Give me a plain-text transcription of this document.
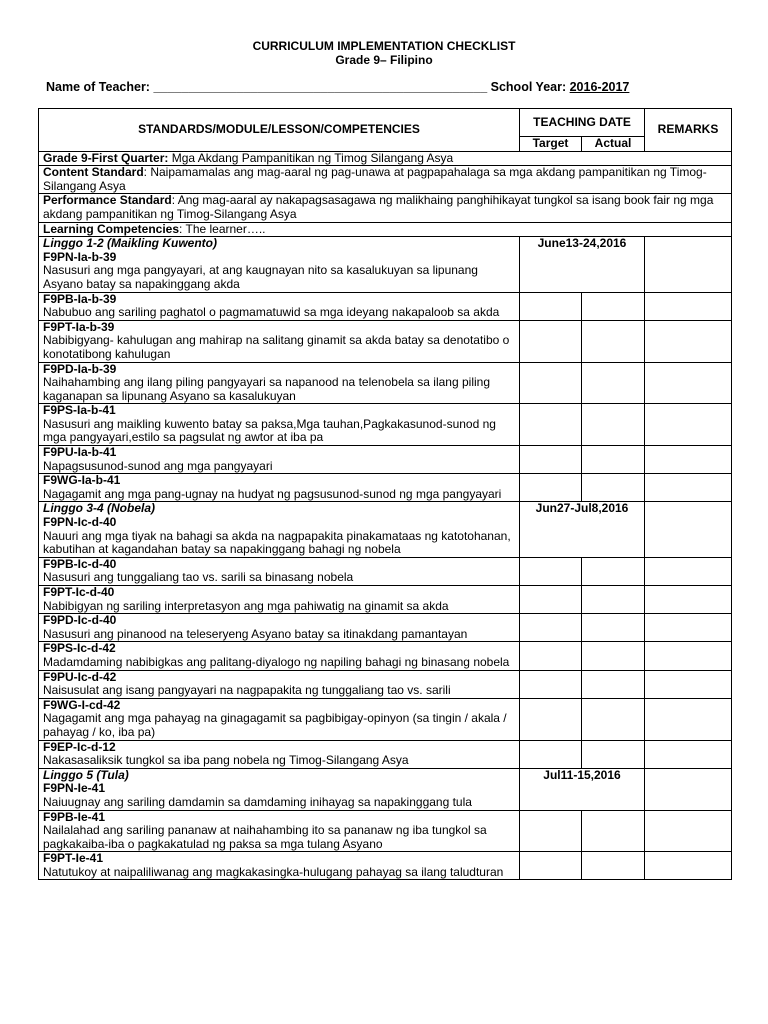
CURRICULUM IMPLEMENTATION CHECKLIST
Grade 9– Filipino
Name of Teacher: ________________________________________________ School Year: 2016-2017
STANDARDS/MODULE/LESSON/COMPETENCIES	TEACHING DATE		REMARKS
	Target	Actual	
Grade 9-First Quarter: Mga Akdang Pampanitikan ng Timog Silangang Asya			
Content Standard: Naipamamalas ang mag-aaral ng pag-unawa at pagpapahalaga sa mga akdang pampanitikan ng Timog-Silangang Asya			
Performance Standard: Ang mag-aaral ay nakapagsasagawa ng malikhaing panghihikayat tungkol sa isang book fair ng mga akdang pampanitikan ng Timog-Silangang Asya			
Learning Competencies: The learner…..			

Linggo 1-2 (Maikling Kuwento)
F9PN-Ia-b-39
Nasusuri ang mga pangyayari, at ang kaugnayan nito sa kasalukuyan sa lipunang Asyano batay sa napakinggang akda	June13-24,2016		

F9PB-Ia-b-39
Nabubuo ang sariling paghatol o pagmamatuwid sa mga ideyang nakapaloob sa akda			

F9PT-Ia-b-39
Nabibigyang- kahulugan ang mahirap na salitang ginamit sa akda batay sa denotatibo o konotatibong kahulugan			

F9PD-Ia-b-39
Naihahambing ang ilang piling pangyayari sa napanood na telenobela sa ilang piling kaganapan sa lipunang Asyano sa kasalukuyan			

F9PS-Ia-b-41
Nasusuri ang maikling kuwento batay sa paksa,Mga tauhan,Pagkakasunod-sunod ng mga pangyayari,estilo sa pagsulat ng awtor at iba pa			

F9PU-Ia-b-41
Napagsusunod-sunod ang mga pangyayari			

F9WG-Ia-b-41
Nagagamit ang mga pang-ugnay na hudyat ng pagsusunod-sunod ng mga pangyayari			

Linggo 3-4 (Nobela)
F9PN-Ic-d-40
Nauuri ang mga tiyak na bahagi sa akda na nagpapakita pinakamataas ng katotohanan, kabutihan at kagandahan batay sa napakinggang bahagi ng nobela	Jun27-Jul8,2016		

F9PB-Ic-d-40
Nasusuri ang tunggaliang tao vs. sarili sa binasang nobela			

F9PT-Ic-d-40
Nabibigyan ng sariling interpretasyon ang mga pahiwatig na ginamit sa akda			

F9PD-Ic-d-40
Nasusuri ang pinanood na teleseryeng Asyano batay sa itinakdang pamantayan			

F9PS-Ic-d-42
Madamdaming nabibigkas ang palitang-diyalogo ng napiling bahagi ng binasang nobela			

F9PU-Ic-d-42
Naisusulat ang isang pangyayari na nagpapakita ng tunggaliang tao vs. sarili			

F9WG-I-cd-42
Nagagamit ang mga pahayag na ginagagamit sa pagbibigay-opinyon (sa tingin / akala / pahayag / ko, iba pa)			

F9EP-Ic-d-12
Nakasasaliksik tungkol sa iba pang nobela ng Timog-Silangang Asya			

Linggo 5 (Tula)
F9PN-Ie-41
Naiuugnay ang sariling damdamin sa damdaming inihayag sa napakinggang tula	Jul11-15,2016		

F9PB-Ie-41
Nailalahad ang sariling pananaw at naihahambing ito sa pananaw ng iba tungkol sa pagkakaiba-iba o pagkakatulad ng paksa sa mga tulang Asyano			

F9PT-Ie-41
Natutukoy at naipaliliwanag ang magkakasingka-hulugang pahayag sa ilang taludturan			
